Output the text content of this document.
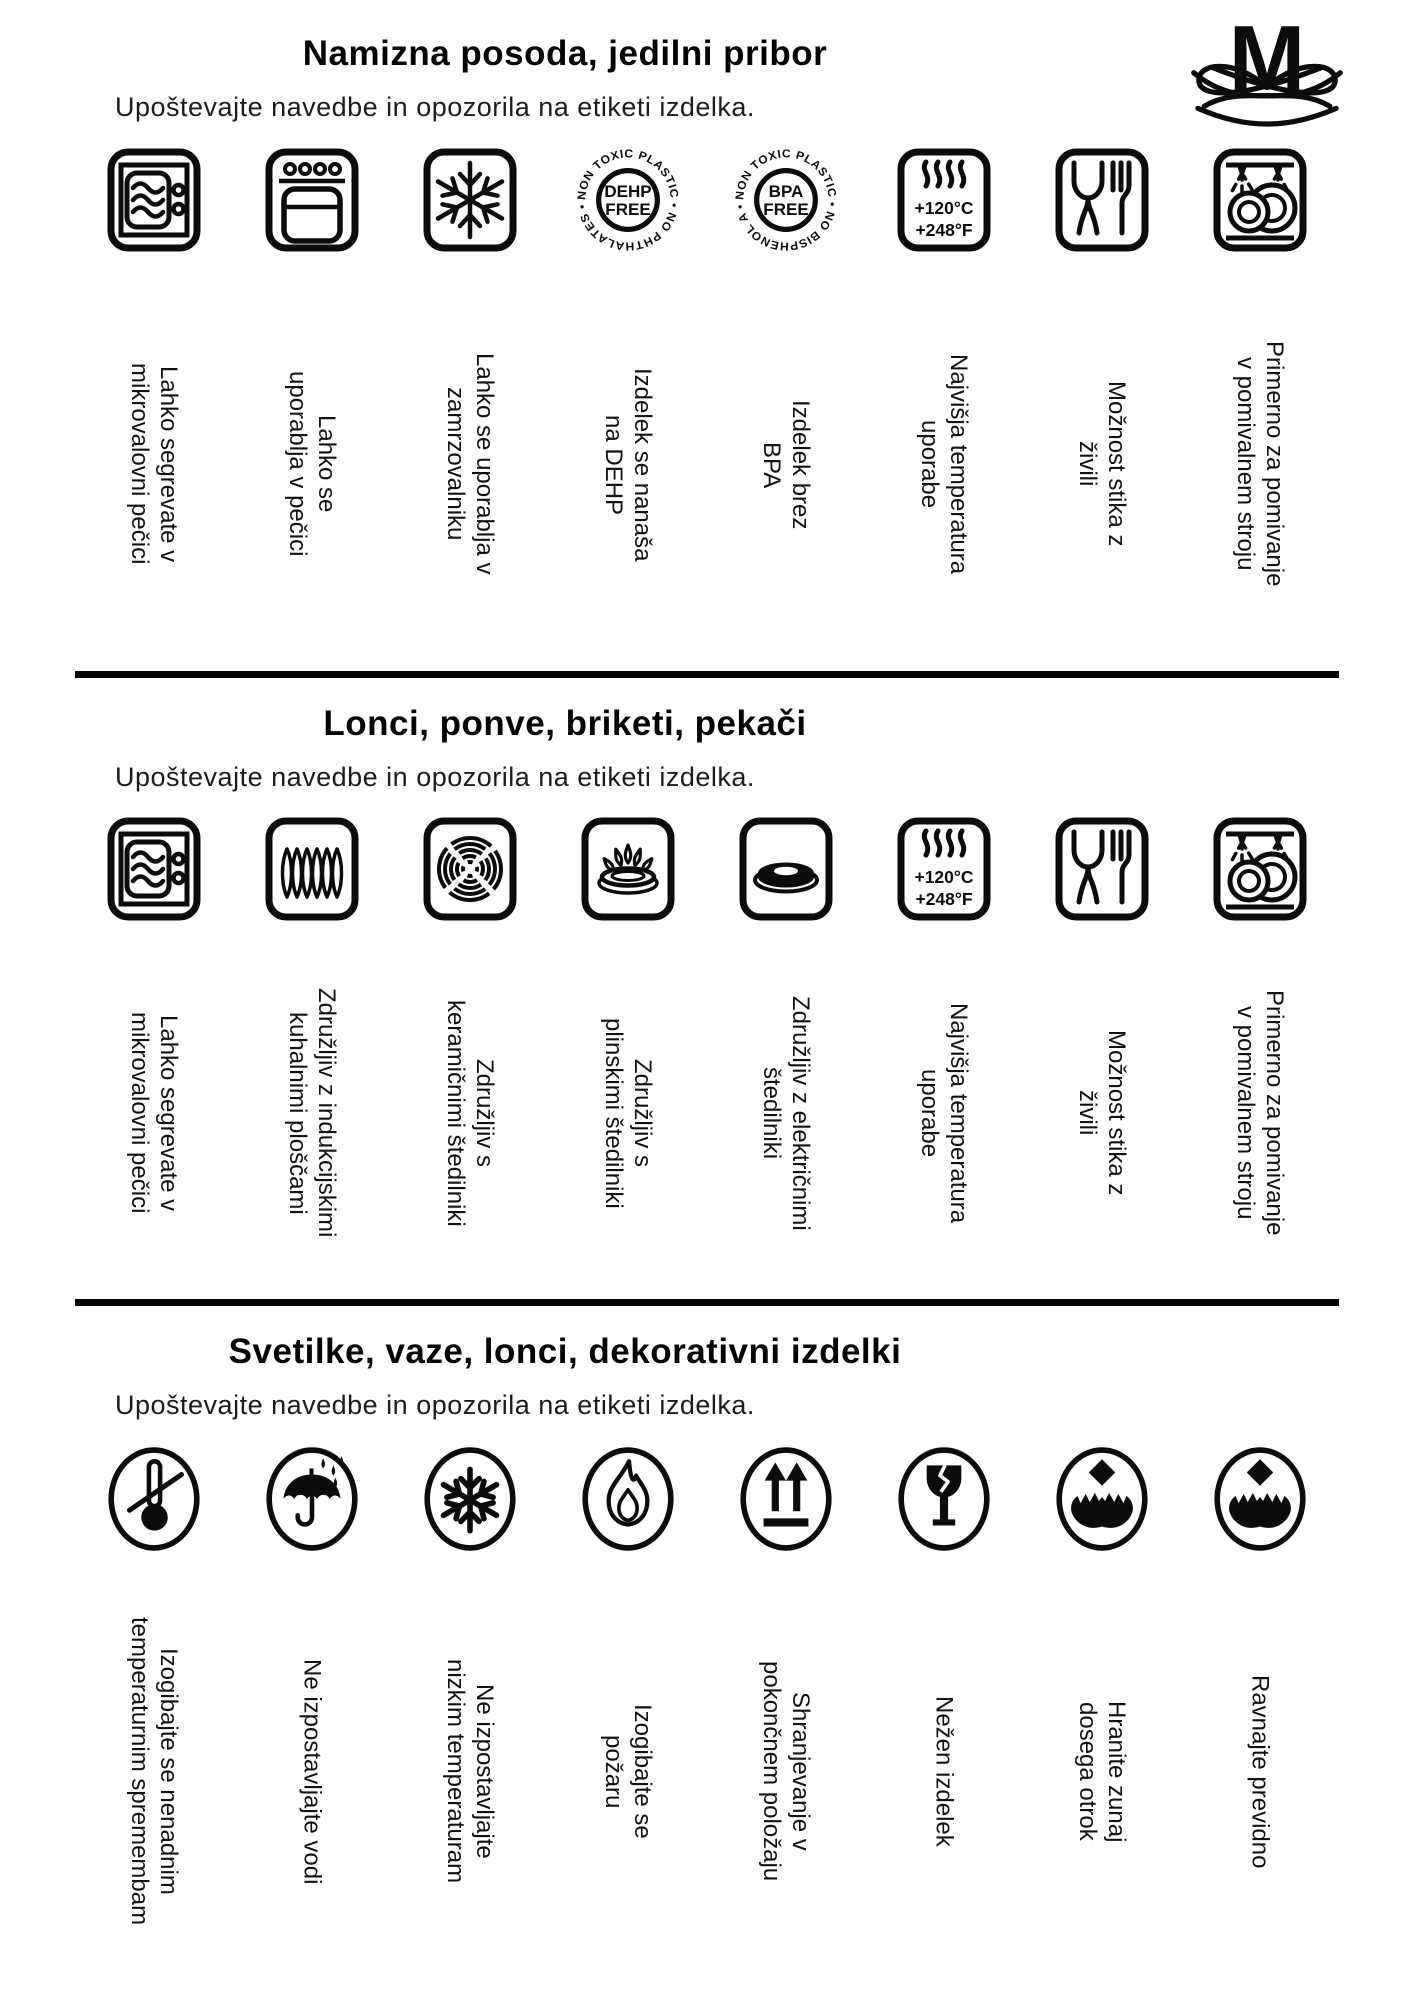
Namizna posoda, jedilni pribor

Upoštevajte navedbe in opozorila na etiketi izdelka.

Lahko segrevate v
mikrovalovni pečici	Lahko se
uporablja v pečici	Lahko se uporablja v
zamrzovalniku	Izdelek se nanaša
na DEHP	Izdelek brez
BPA	Najvišja temperatura
uporabe	Možnost stika z
živili	Primerno za pomivanje
v pomivalnem stroju
Lonci, ponve, briketi, pekači

Upoštevajte navedbe in opozorila na etiketi izdelka.

Lahko segrevate v
mikrovalovni pečici	Združljiv z indukcijskimi
kuhalnimi ploščami	Združljiv s
keramičnimi štedilniki	Združljiv s
plinskimi štedilniki	Združljiv z električnimi
štedilniki	Najvišja temperatura
uporabe	Možnost stika z
živili	Primerno za pomivanje
v pomivalnem stroju
Svetilke, vaze, lonci, dekorativni izdelki

Upoštevajte navedbe in opozorila na etiketi izdelka.

Izogibajte se nenadnim
temperaturnim spremembam	Ne izpostavljajte vodi	Ne izpostavljajte
nizkim temperaturam	Izogibajte se
požaru	Shranjevanje v
pokončnem položaju	Nežen izdelek	Hranite zunaj
dosega otrok	Ravnajte previdno
